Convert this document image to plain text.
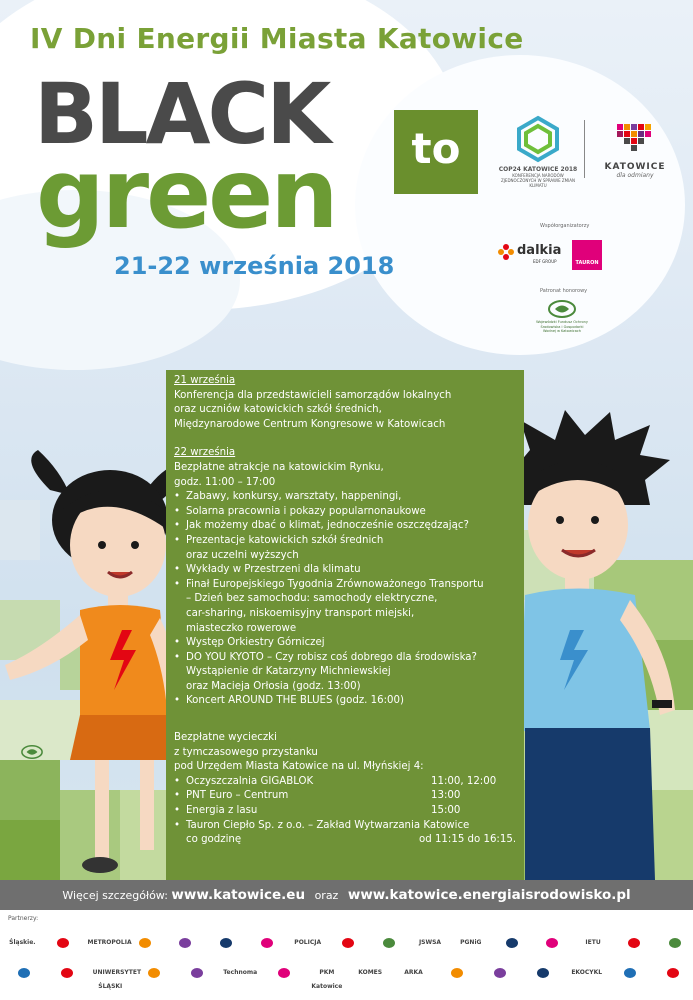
IV Dni Energii Miasta Katowice
BLACK	to
green
21-22 września 2018
COP24 KATOWICE 2018
KONFERENCJA NARODÓW ZJEDNOCZONYCH W SPRAWIE ZMIAN KLIMATU
KATOWICE
dla odmiany
Współorganizatorzy
dalkia
EDF GROUP	TAURON
Patronat honorowy
Wojewódzki Fundusz Ochrony Środowiska i Gospodarki Wodnej w Katowicach
21 września
Konferencja dla przedstawicieli samorządów lokalnych
oraz uczniów katowickich szkół średnich,
Międzynarodowe Centrum Kongresowe w Katowicach
22 września
Bezpłatne atrakcje na katowickim Rynku,
godz. 11:00 – 17:00
• Zabawy, konkursy, warsztaty, happeningi,
• Solarna pracownia i pokazy popularnonaukowe
• Jak możemy dbać o klimat, jednocześnie oszczędzając?
• Prezentacje katowickich szkół średnich
oraz uczelni wyższych
• Wykłady w Przestrzeni dla klimatu
• Finał Europejskiego Tygodnia Zrównoważonego Transportu
– Dzień bez samochodu: samochody elektryczne,
car-sharing, niskoemisyjny transport miejski,
miasteczko rowerowe
• Występ Orkiestry Górniczej
• DO YOU KYOTO – Czy robisz coś dobrego dla środowiska?
Wystąpienie dr Katarzyny Michniewskiej
oraz Macieja Orłosia (godz. 13:00)
• Koncert AROUND THE BLUES (godz. 16:00)
Bezpłatne wycieczki
z tymczasowego przystanku
pod Urzędem Miasta Katowice na ul. Młyńskiej 4:
• Oczyszczalnia GIGABLOK	11:00, 12:00
• PNT Euro – Centrum	13:00
• Energia z lasu	15:00
• Tauron Ciepło Sp. z o.o. – Zakład Wytwarzania Katowice
co godzinę	od 11:15 do 16:15.
Więcej szczegółów: www.katowice.eu oraz www.katowice.energiaisrodowisko.pl
Partnerzy:
Śląskie.	METROPOLIA	POLICJA	JSWSA	PGNiG	IETU
UNIWERSYTET ŚLĄSKI
Technoma	PKM Katowice
KOMES	ARKA	EKOCYKL
